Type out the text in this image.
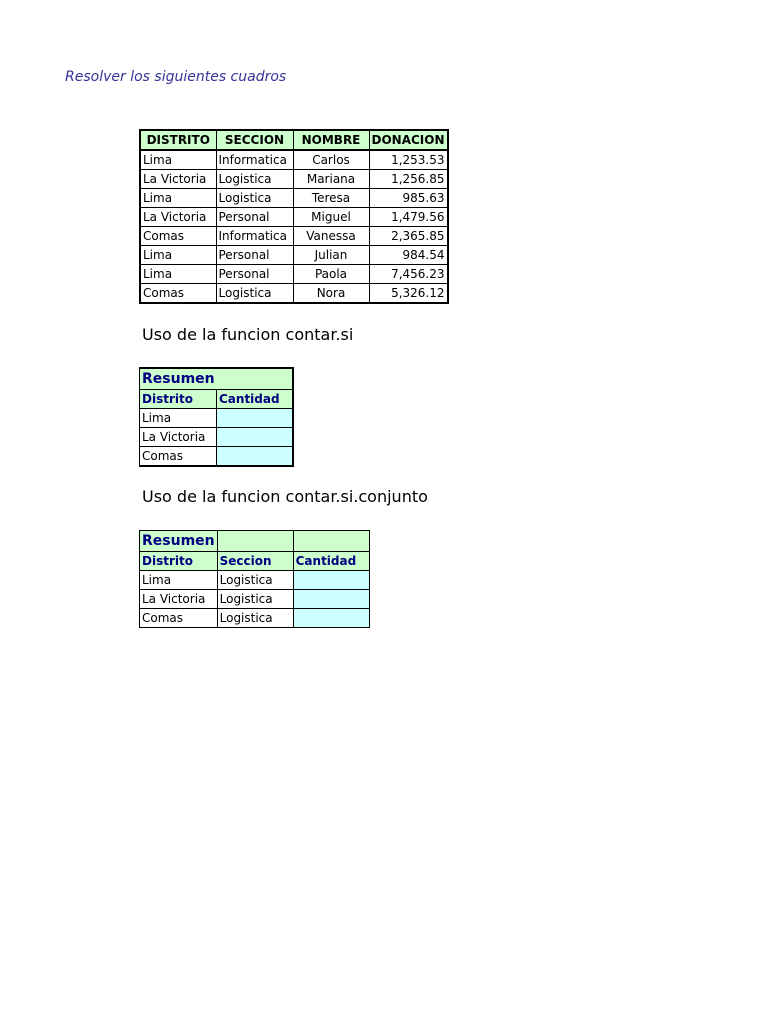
Resolver los siguientes cuadros
DISTRITO	SECCION	NOMBRE	DONACION
Lima	Informatica	Carlos	1,253.53
La Victoria	Logistica	Mariana	1,256.85
Lima	Logistica	Teresa	985.63
La Victoria	Personal	Miguel	1,479.56
Comas	Informatica	Vanessa	2,365.85
Lima	Personal	Julian	984.54
Lima	Personal	Paola	7,456.23
Comas	Logistica	Nora	5,326.12
Uso de la funcion contar.si
Resumen	
Distrito	Cantidad
Lima	
La Victoria	
Comas	
Uso de la funcion contar.si.conjunto
Resumen		
Distrito	Seccion	Cantidad
Lima	Logistica	
La Victoria	Logistica	
Comas	Logistica	
